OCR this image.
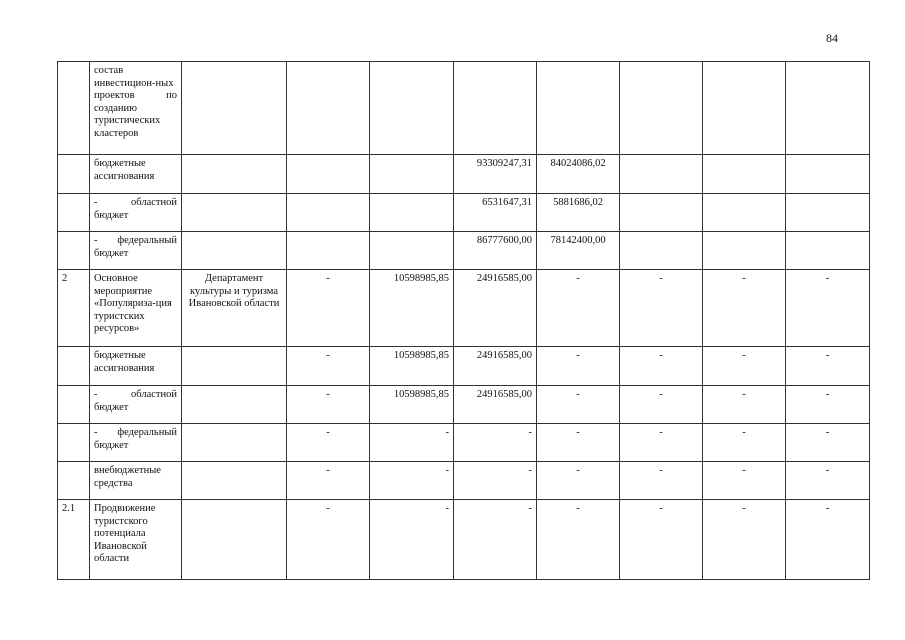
84
	состав инвестицион-ных проектов по созданию туристических кластеров								
	бюджетные ассигнования				93309247,31	84024086,02			
	- областной бюджет				6531647,31	5881686,02			
	- федеральный бюджет				86777600,00	78142400,00			
2	Основное мероприятие «Популяриза-ция туристских ресурсов»	Департамент культуры и туризма Ивановской области	-	10598985,85	24916585,00	-	-	-	-
	бюджетные ассигнования		-	10598985,85	24916585,00	-	-	-	-
	- областной бюджет		-	10598985,85	24916585,00	-	-	-	-
	- федеральный бюджет		-	-	-	-	-	-	-
	внебюджетные средства		-	-	-	-	-	-	-
2.1	Продвижение туристского потенциала Ивановской области		-	-	-	-	-	-	-
